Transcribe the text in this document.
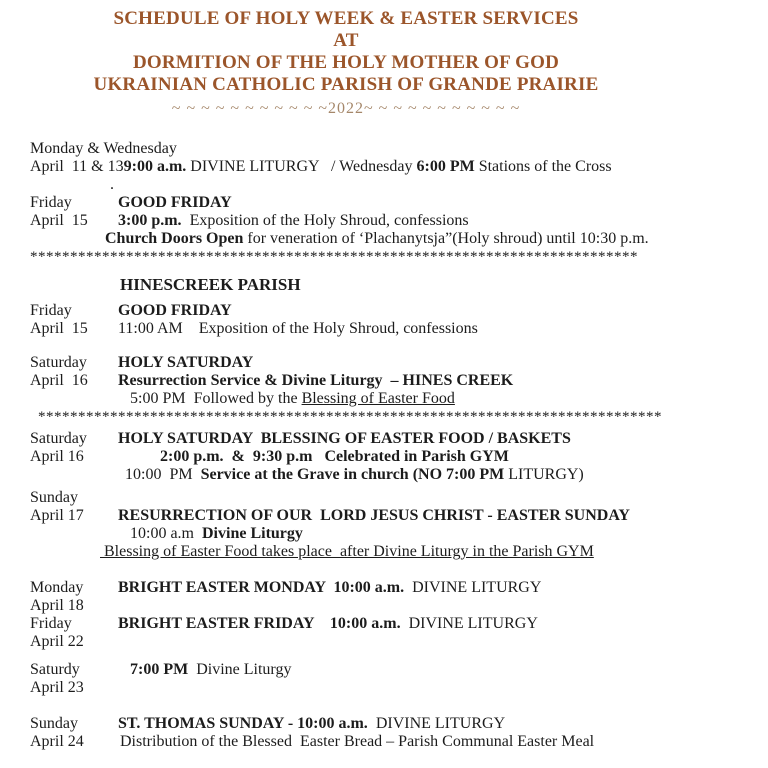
SCHEDULE OF HOLY WEEK & EASTER SERVICES
AT
DORMITION OF THE HOLY MOTHER OF GOD
UKRAINIAN CATHOLIC PARISH OF GRANDE PRAIRIE
~ ~ ~ ~ ~ ~ ~ ~ ~ ~ ~2022~ ~ ~ ~ ~ ~ ~ ~ ~ ~ ~
Monday & Wednesday
April  11 & 13 9:00 a.m. DIVINE LITURGY   / Wednesday 6:00 PM Stations of the Cross
.
Friday	GOOD FRIDAY
April  15	3:00 p.m.  Exposition of the Holy Shroud, confessions
Church Doors Open for veneration of ‘Plachanytsja”(Holy shroud) until 10:30 p.m.
****************************************************************************
HINESCREEK PARISH
Friday	GOOD FRIDAY
April  15	11:00 AM    Exposition of the Holy Shroud, confessions
Saturday	HOLY SATURDAY
April  16	Resurrection Service & Divine Liturgy  – HINES CREEK
5:00 PM  Followed by the Blessing of Easter Food
******************************************************************************
Saturday	HOLY SATURDAY  BLESSING OF EASTER FOOD / BASKETS
April 16	2:00 p.m.  &  9:30 p.m   Celebrated in Parish GYM
10:00  PM  Service at the Grave in church (NO 7:00 PM LITURGY)
Sunday
April 17	RESURRECTION OF OUR  LORD JESUS CHRIST - EASTER SUNDAY
10:00 a.m  Divine Liturgy
Blessing of Easter Food takes place  after Divine Liturgy in the Parish GYM
Monday	BRIGHT EASTER MONDAY  10:00 a.m.  DIVINE LITURGY
April 18
Friday	BRIGHT EASTER FRIDAY    10:00 a.m.  DIVINE LITURGY
April 22
Saturdy	7:00 PM  Divine Liturgy
April 23
Sunday	ST. THOMAS SUNDAY - 10:00 a.m.  DIVINE LITURGY
April 24	Distribution of the Blessed  Easter Bread – Parish Communal Easter Meal
